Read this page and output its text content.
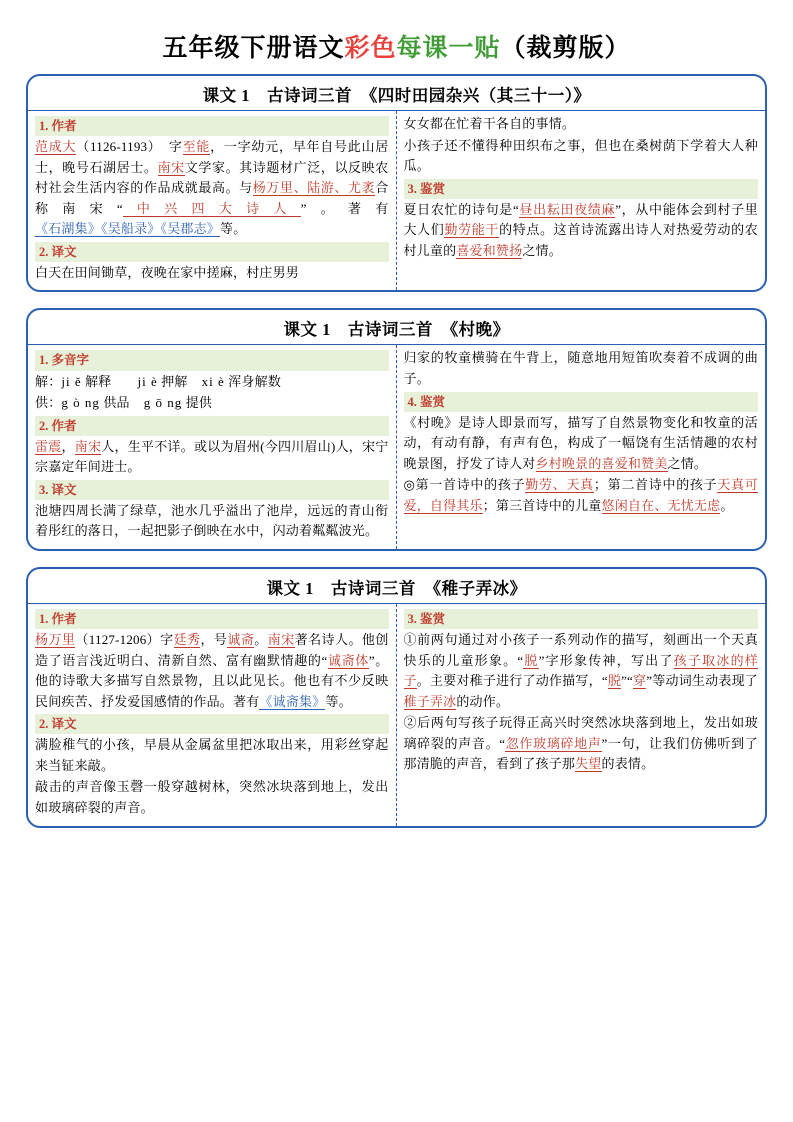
五年级下册语文彩色每课一贴（裁剪版）
课文 1　古诗词三首　《四时田园杂兴（其三十一）》
1. 作者

范成大（1126-1193）　字至能，一字幼元，早年自号此山居士，晚号石湖居士。南宋文学家。其诗题材广泛，以反映农村社会生活内容的作品成就最高。与杨万里、陆游、尤袤合称南宋“中兴四大诗人”。著有《石湖集》《吴船录》《吴郡志》等。

2. 译文

白天在田间锄草，夜晚在家中搓麻，村庄男男

女女都在忙着干各自的事情。

小孩子还不懂得种田织布之事，但也在桑树荫下学着大人种瓜。

3. 鉴赏

夏日农忙的诗句是“昼出耘田夜绩麻”，从中能体会到村子里大人们勤劳能干的特点。这首诗流露出诗人对热爱劳动的农村儿童的喜爱和赞扬之情。

课文 1　古诗词三首　《村晚》
1. 多音字

解：ji ě 解释 ji è 押解 xi è 浑身解数

供：g ò ng 供品 g ō ng 提供

2. 作者

雷震，南宋人，生平不详。或以为眉州(今四川眉山)人，宋宁宗嘉定年间进士。

3. 译文

池塘四周长满了绿草，池水几乎溢出了池岸，远远的青山衔着彤红的落日，一起把影子倒映在水中，闪动着粼粼波光。

归家的牧童横骑在牛背上，随意地用短笛吹奏着不成调的曲子。

4. 鉴赏

《村晚》是诗人即景而写，描写了自然景物变化和牧童的活动，有动有静，有声有色，构成了一幅饶有生活情趣的农村晚景图，抒发了诗人对乡村晚景的喜爱和赞美之情。

◎第一首诗中的孩子勤劳、天真；第二首诗中的孩子天真可爱，自得其乐；第三首诗中的儿童悠闲自在、无忧无虑。

课文 1　古诗词三首　《稚子弄冰》
1. 作者

杨万里（1127-1206）字廷秀，号诚斋。南宋著名诗人。他创造了语言浅近明白、清新自然、富有幽默情趣的“诚斋体”。他的诗歌大多描写自然景物，且以此见长。他也有不少反映民间疾苦、抒发爱国感情的作品。著有《诚斋集》等。

2. 译文

满脸稚气的小孩，早晨从金属盆里把冰取出来，用彩丝穿起来当钲来敲。

敲击的声音像玉磬一般穿越树林，突然冰块落到地上，发出如玻璃碎裂的声音。

3. 鉴赏

①前两句通过对小孩子一系列动作的描写，刻画出一个天真快乐的儿童形象。“脱”字形象传神，写出了孩子取冰的样子。主要对稚子进行了动作描写，“脱”“穿”等动词生动表现了稚子弄冰的动作。

②后两句写孩子玩得正高兴时突然冰块落到地上，发出如玻璃碎裂的声音。“忽作玻璃碎地声”一句，让我们仿佛听到了那清脆的声音，看到了孩子那失望的表情。
